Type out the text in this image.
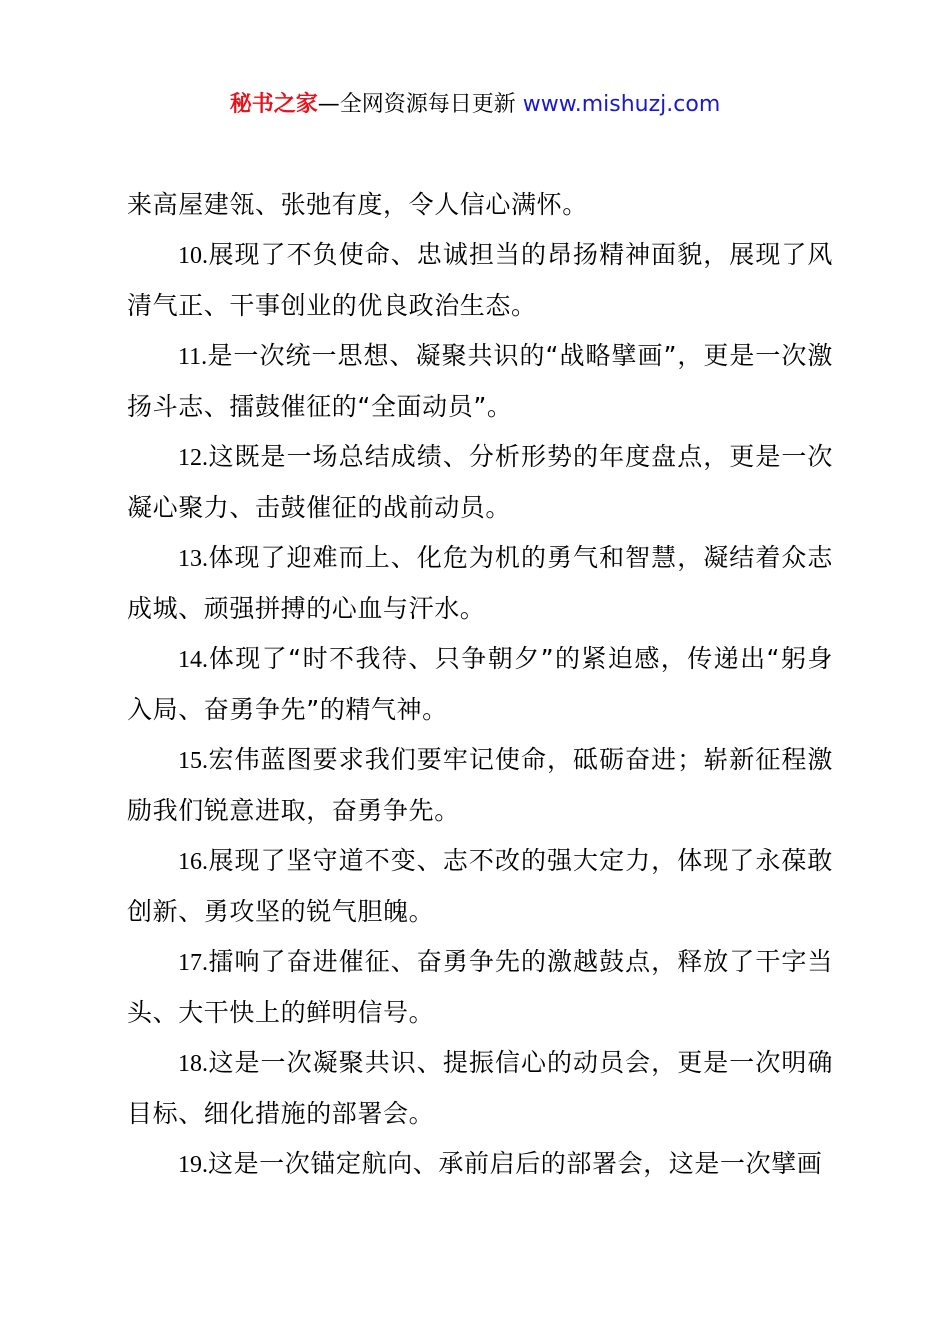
秘书之家—全网资源每日更新 www.mishuzj.com

来高屋建瓴、张弛有度，令人信心满怀。

10.展现了不负使命、忠诚担当的昂扬精神面貌，展现了风清气正、干事创业的优良政治生态。

11.是一次统一思想、凝聚共识的“战略擘画”，更是一次激扬斗志、擂鼓催征的“全面动员”。

12.这既是一场总结成绩、分析形势的年度盘点，更是一次凝心聚力、击鼓催征的战前动员。

13.体现了迎难而上、化危为机的勇气和智慧，凝结着众志成城、顽强拼搏的心血与汗水。

14.体现了“时不我待、只争朝夕”的紧迫感，传递出“躬身入局、奋勇争先”的精气神。

15.宏伟蓝图要求我们要牢记使命，砥砺奋进；崭新征程激励我们锐意进取，奋勇争先。

16.展现了坚守道不变、志不改的强大定力，体现了永葆敢创新、勇攻坚的锐气胆魄。

17.擂响了奋进催征、奋勇争先的激越鼓点，释放了干字当头、大干快上的鲜明信号。

18.这是一次凝聚共识、提振信心的动员会，更是一次明确目标、细化措施的部署会。

19.这是一次锚定航向、承前启后的部署会，这是一次擘画
